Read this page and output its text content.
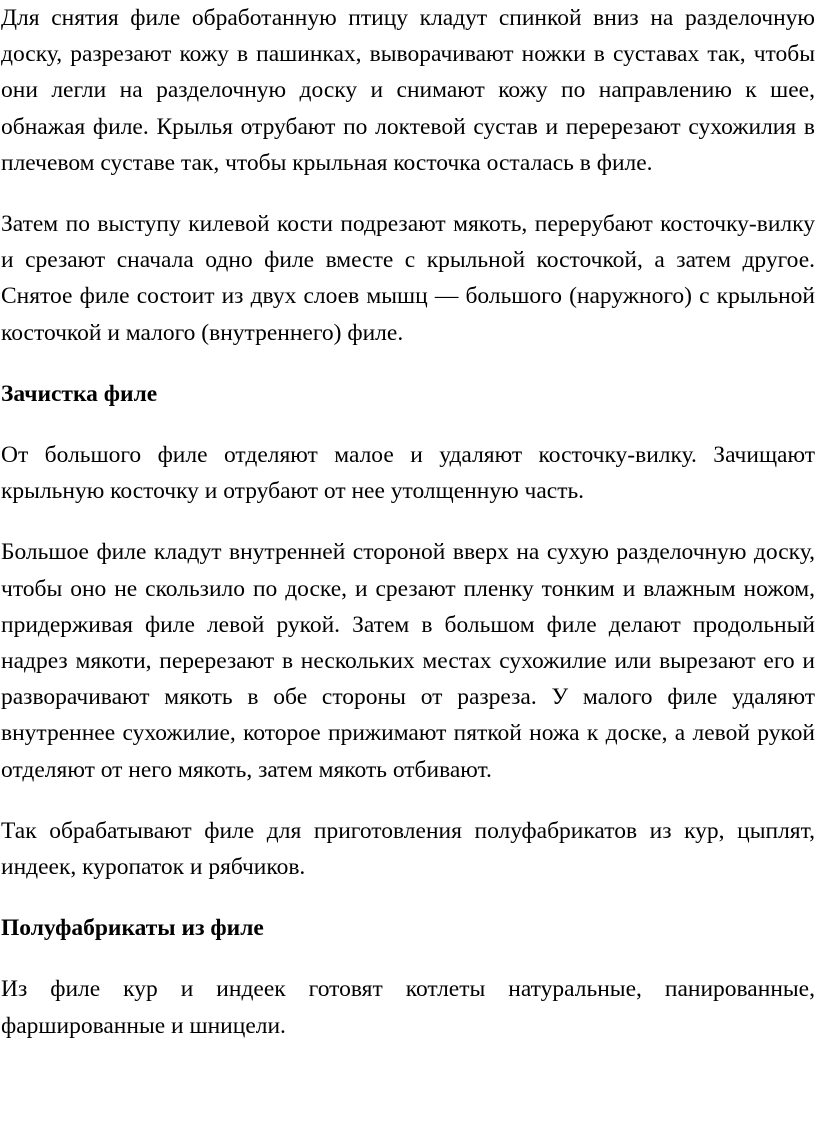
Для снятия филе обработанную птицу кладут спинкой вниз на разделочную доску, разрезают кожу в пашинках, выворачивают ножки в суставах так, чтобы они легли на разделочную доску и снимают кожу по направлению к шее, обнажая филе. Крылья отрубают по локтевой сустав и перерезают сухожилия в плечевом суставе так, чтобы крыльная косточка осталась в филе.

Затем по выступу килевой кости подрезают мякоть, перерубают косточку-вилку и срезают сначала одно филе вместе с крыльной косточкой, а затем другое. Снятое филе состоит из двух слоев мышц — большого (наружного) с крыльной косточкой и малого (внутреннего) филе.

Зачистка филе

От большого филе отделяют малое и удаляют косточку-вилку. Зачищают крыльную косточку и отрубают от нее утолщенную часть.

Большое филе кладут внутренней стороной вверх на сухую разделочную доску, чтобы оно не скользило по доске, и срезают пленку тонким и влажным ножом, придерживая филе левой рукой. Затем в большом филе делают продольный надрез мякоти, перерезают в нескольких местах сухожилие или вырезают его и разворачивают мякоть в обе стороны от разреза. У малого филе удаляют внутреннее сухожилие, которое прижимают пяткой ножа к доске, а левой рукой отделяют от него мякоть, затем мякоть отбивают.

Так обрабатывают филе для приготовления полуфабрикатов из кур, цыплят, индеек, куропаток и рябчиков.

Полуфабрикаты из филе

Из филе кур и индеек готовят котлеты натуральные, панированные, фаршированные и шницели.
